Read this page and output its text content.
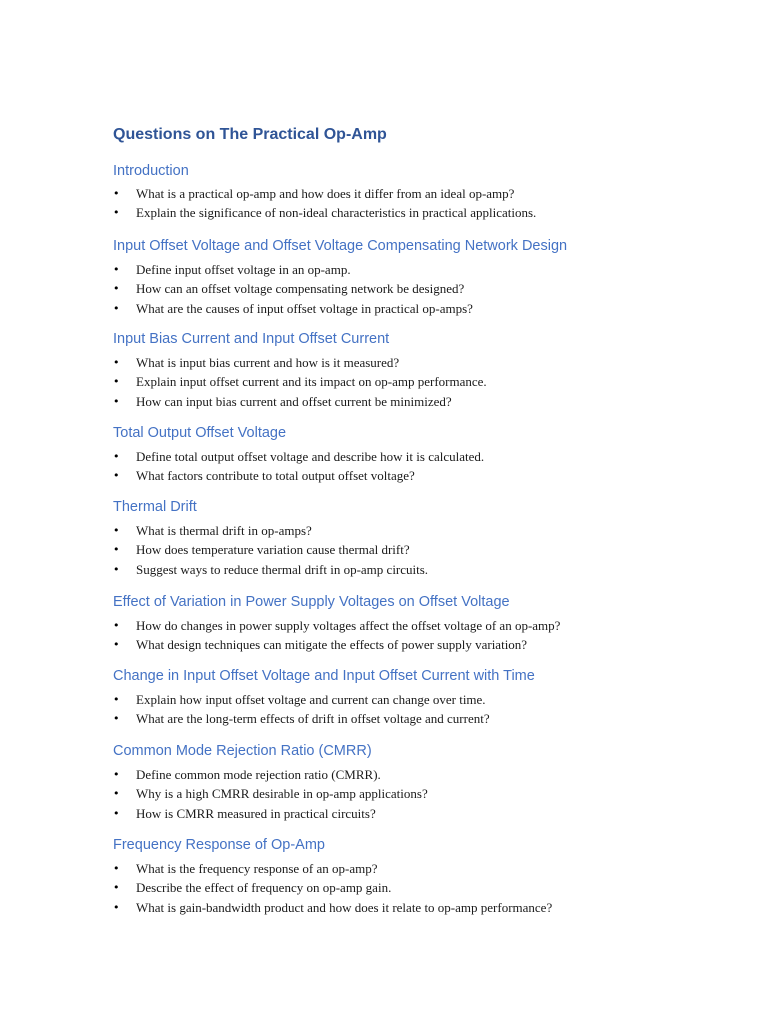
Questions on The Practical Op-Amp
Introduction
• What is a practical op-amp and how does it differ from an ideal op-amp?
• Explain the significance of non-ideal characteristics in practical applications.
Input Offset Voltage and Offset Voltage Compensating Network Design
• Define input offset voltage in an op-amp.
• How can an offset voltage compensating network be designed?
• What are the causes of input offset voltage in practical op-amps?
Input Bias Current and Input Offset Current
• What is input bias current and how is it measured?
• Explain input offset current and its impact on op-amp performance.
• How can input bias current and offset current be minimized?
Total Output Offset Voltage
• Define total output offset voltage and describe how it is calculated.
• What factors contribute to total output offset voltage?
Thermal Drift
• What is thermal drift in op-amps?
• How does temperature variation cause thermal drift?
• Suggest ways to reduce thermal drift in op-amp circuits.
Effect of Variation in Power Supply Voltages on Offset Voltage
• How do changes in power supply voltages affect the offset voltage of an op-amp?
• What design techniques can mitigate the effects of power supply variation?
Change in Input Offset Voltage and Input Offset Current with Time
• Explain how input offset voltage and current can change over time.
• What are the long-term effects of drift in offset voltage and current?
Common Mode Rejection Ratio (CMRR)
• Define common mode rejection ratio (CMRR).
• Why is a high CMRR desirable in op-amp applications?
• How is CMRR measured in practical circuits?
Frequency Response of Op-Amp
• What is the frequency response of an op-amp?
• Describe the effect of frequency on op-amp gain.
• What is gain-bandwidth product and how does it relate to op-amp performance?
